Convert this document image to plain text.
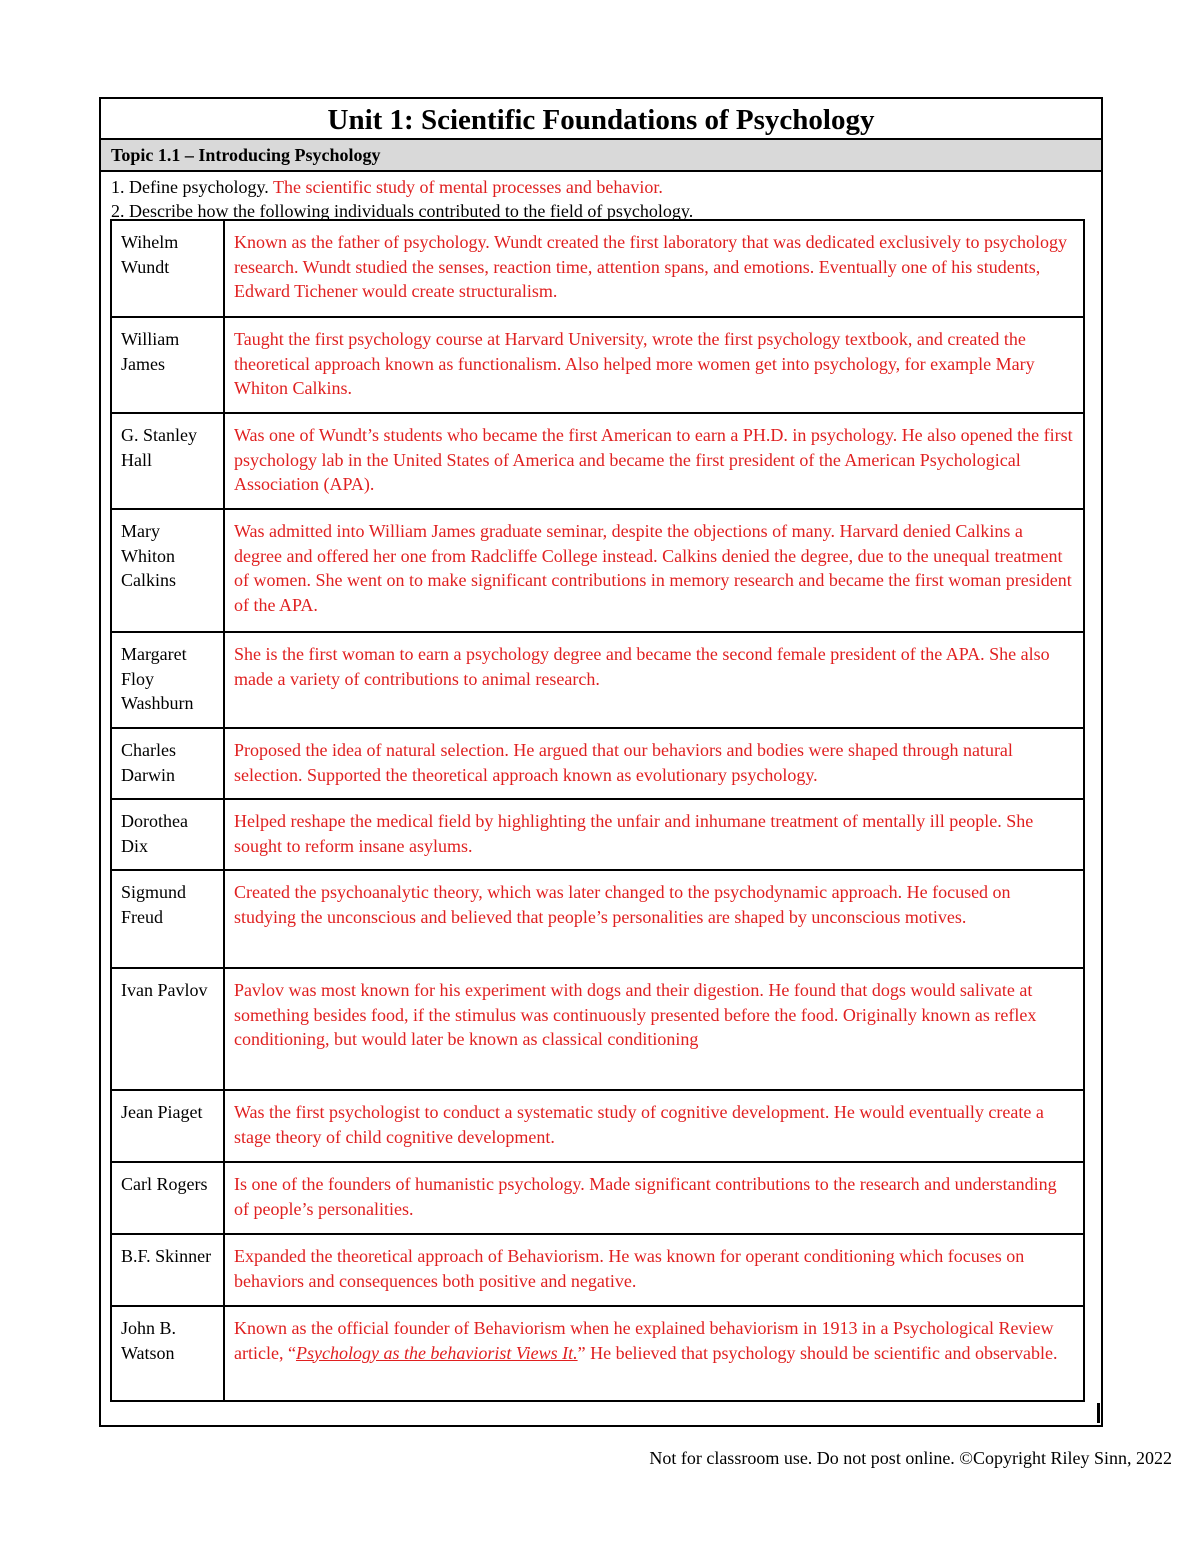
Unit 1: Scientific Foundations of Psychology
Topic 1.1 – Introducing Psychology
1. Define psychology. The scientific study of mental processes and behavior.
2. Describe how the following individuals contributed to the field of psychology.
Wihelm Wundt	Known as the father of psychology. Wundt created the first laboratory that was dedicated exclusively to psychology research. Wundt studied the senses, reaction time, attention spans, and emotions. Eventually one of his students, Edward Tichener would create structuralism.
William James	Taught the first psychology course at Harvard University, wrote the first psychology textbook, and created the theoretical approach known as functionalism. Also helped more women get into psychology, for example Mary Whiton Calkins.
G. Stanley Hall	Was one of Wundt’s students who became the first American to earn a PH.D. in psychology. He also opened the first psychology lab in the United States of America and became the first president of the American Psychological Association (APA).
Mary Whiton Calkins	Was admitted into William James graduate seminar, despite the objections of many. Harvard denied Calkins a degree and offered her one from Radcliffe College instead. Calkins denied the degree, due to the unequal treatment of women. She went on to make significant contributions in memory research and became the first woman president of the APA.
Margaret Floy Washburn	She is the first woman to earn a psychology degree and became the second female president of the APA. She also made a variety of contributions to animal research.
Charles Darwin	Proposed the idea of natural selection. He argued that our behaviors and bodies were shaped through natural selection. Supported the theoretical approach known as evolutionary psychology.
Dorothea Dix	Helped reshape the medical field by highlighting the unfair and inhumane treatment of mentally ill people. She sought to reform insane asylums.
Sigmund Freud	Created the psychoanalytic theory, which was later changed to the psychodynamic approach. He focused on studying the unconscious and believed that people’s personalities are shaped by unconscious motives.
Ivan Pavlov	Pavlov was most known for his experiment with dogs and their digestion. He found that dogs would salivate at something besides food, if the stimulus was continuously presented before the food. Originally known as reflex conditioning, but would later be known as classical conditioning
Jean Piaget	Was the first psychologist to conduct a systematic study of cognitive development. He would eventually create a stage theory of child cognitive development.
Carl Rogers	Is one of the founders of humanistic psychology. Made significant contributions to the research and understanding of people’s personalities.
B.F. Skinner	Expanded the theoretical approach of Behaviorism. He was known for operant conditioning which focuses on behaviors and consequences both positive and negative.
John B. Watson	Known as the official founder of Behaviorism when he explained behaviorism in 1913 in a Psychological Review article, “Psychology as the behaviorist Views It.” He believed that psychology should be scientific and observable.
Not for classroom use. Do not post online. ©Copyright Riley Sinn, 2022
